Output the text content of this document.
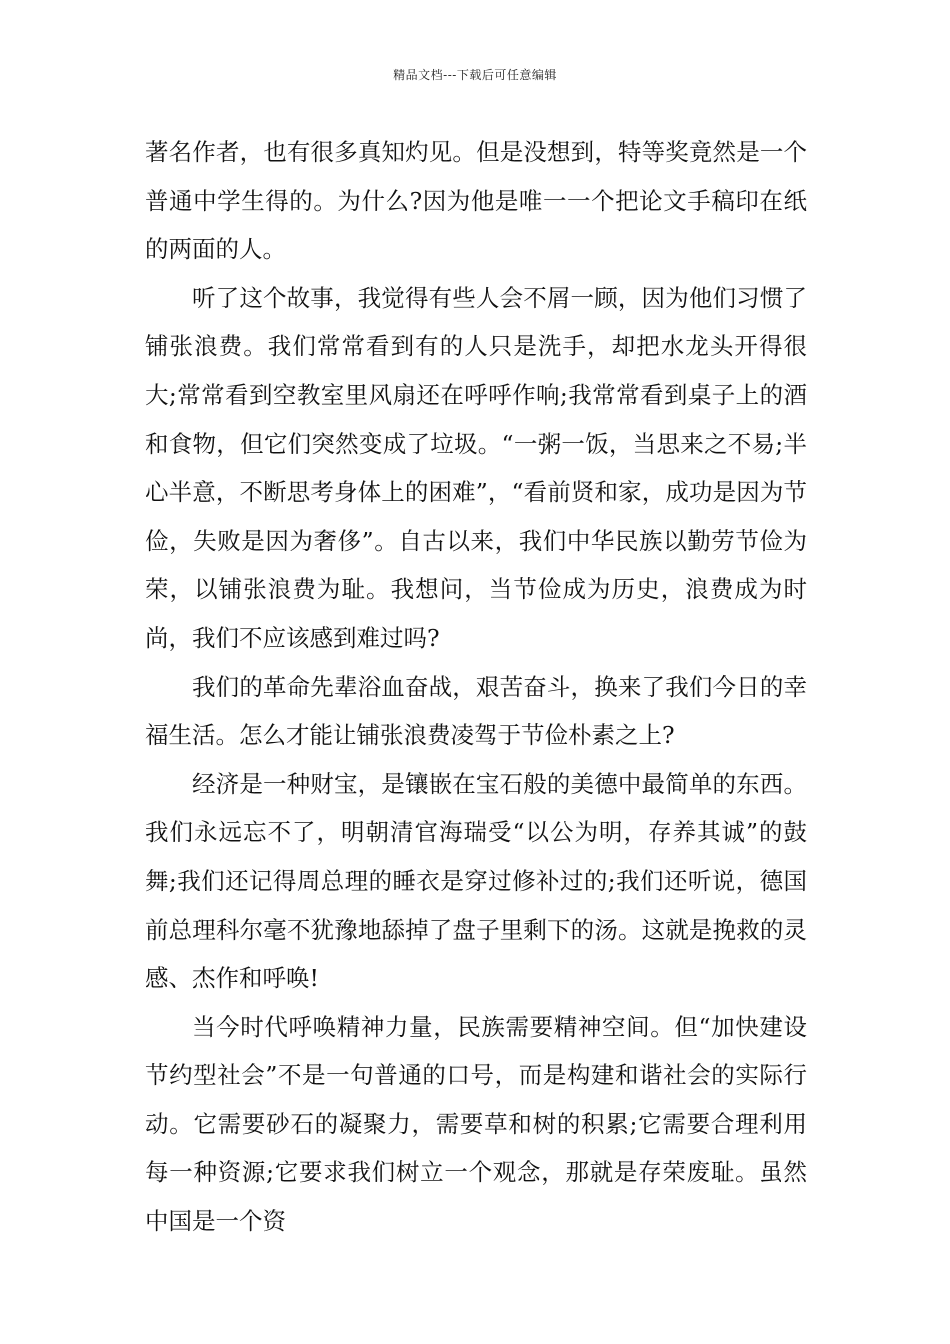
精品文档---下载后可任意编辑

著名作者，也有很多真知灼见。但是没想到，特等奖竟然是一个普通中学生得的。为什么?因为他是唯一一个把论文手稿印在纸的两面的人。

听了这个故事，我觉得有些人会不屑一顾，因为他们习惯了铺张浪费。我们常常看到有的人只是洗手，却把水龙头开得很大;常常看到空教室里风扇还在呼呼作响;我常常看到桌子上的酒和食物，但它们突然变成了垃圾。“一粥一饭，当思来之不易;半心半意，不断思考身体上的困难”，“看前贤和家，成功是因为节俭，失败是因为奢侈”。自古以来，我们中华民族以勤劳节俭为荣，以铺张浪费为耻。我想问，当节俭成为历史，浪费成为时尚，我们不应该感到难过吗?

我们的革命先辈浴血奋战，艰苦奋斗，换来了我们今日的幸福生活。怎么才能让铺张浪费凌驾于节俭朴素之上?

经济是一种财宝，是镶嵌在宝石般的美德中最简单的东西。我们永远忘不了，明朝清官海瑞受“以公为明，存养其诚”的鼓舞;我们还记得周总理的睡衣是穿过修补过的;我们还听说，德国前总理科尔毫不犹豫地舔掉了盘子里剩下的汤。这就是挽救的灵感、杰作和呼唤!

当今时代呼唤精神力量，民族需要精神空间。但“加快建设节约型社会”不是一句普通的口号，而是构建和谐社会的实际行动。它需要砂石的凝聚力，需要草和树的积累;它需要合理利用每一种资源;它要求我们树立一个观念，那就是存荣废耻。虽然中国是一个资
